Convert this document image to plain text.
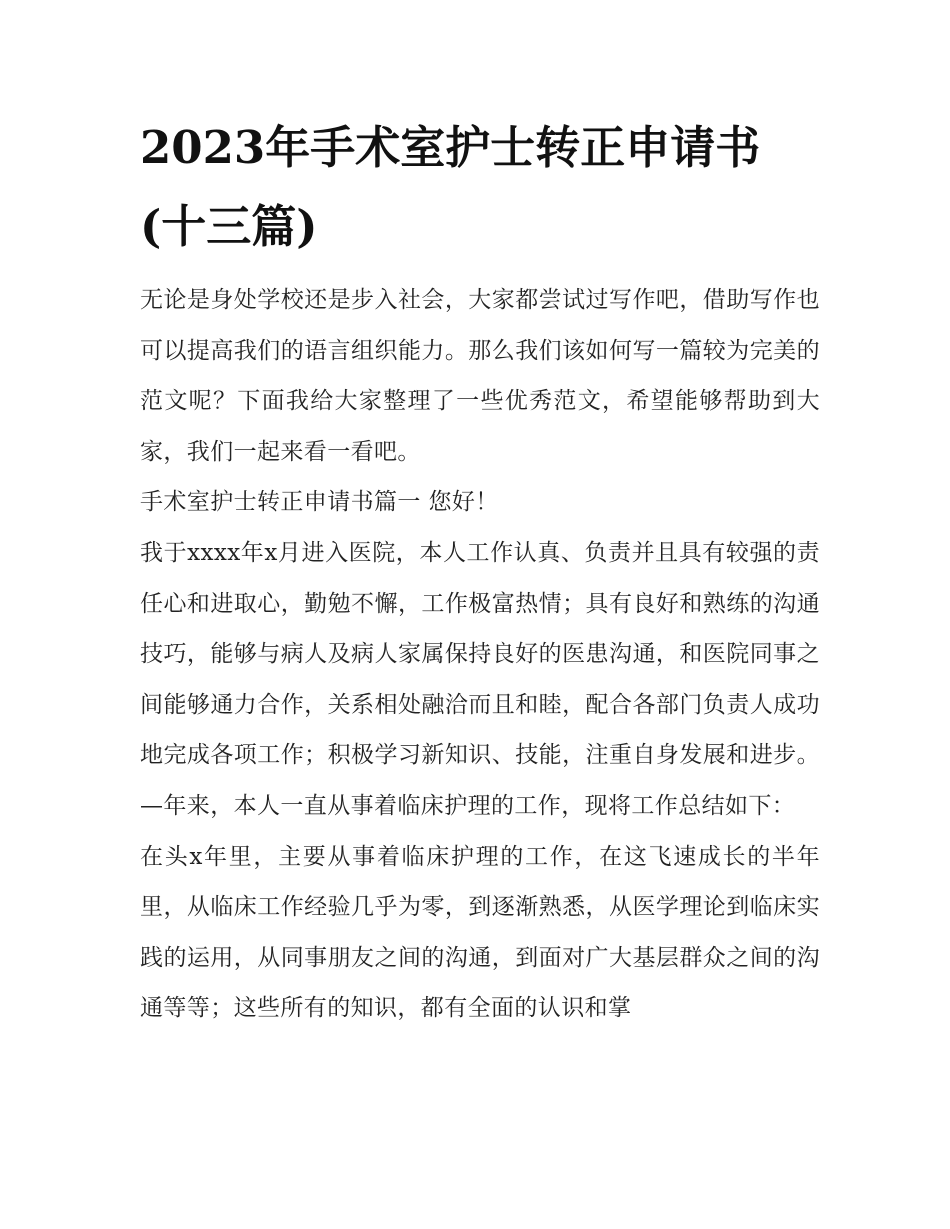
2023年手术室护士转正申请书(十三篇)

无论是身处学校还是步入社会，大家都尝试过写作吧，借助写作也可以提高我们的语言组织能力。那么我们该如何写一篇较为完美的范文呢？下面我给大家整理了一些优秀范文，希望能够帮助到大家，我们一起来看一看吧。

手术室护士转正申请书篇一 您好！

我于xxxx年x月进入医院，本人工作认真、负责并且具有较强的责任心和进取心，勤勉不懈，工作极富热情；具有良好和熟练的沟通技巧，能够与病人及病人家属保持良好的医患沟通，和医院同事之间能够通力合作，关系相处融洽而且和睦，配合各部门负责人成功地完成各项工作；积极学习新知识、技能，注重自身发展和进步。—年来，本人一直从事着临床护理的工作，现将工作总结如下：

在头x年里，主要从事着临床护理的工作，在这飞速成长的半年里，从临床工作经验几乎为零，到逐渐熟悉，从医学理论到临床实践的运用，从同事朋友之间的沟通，到面对广大基层群众之间的沟通等等；这些所有的知识，都有全面的认识和掌
